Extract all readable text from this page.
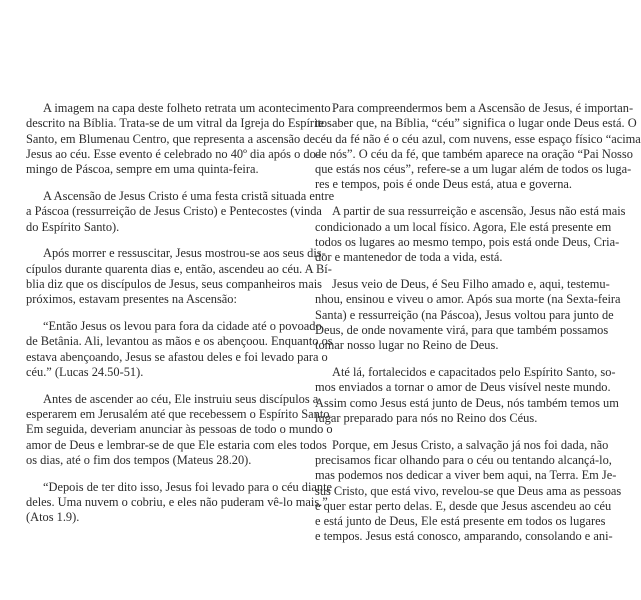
A imagem na capa deste folheto retrata um acontecimento
descrito na Bíblia. Trata-se de um vitral da Igreja do Espírito
Santo, em Blumenau Centro, que representa a ascensão de
Jesus ao céu. Esse evento é celebrado no 40º dia após o do-
mingo de Páscoa, sempre em uma quinta-feira.
A Ascensão de Jesus Cristo é uma festa cristã situada entre
a Páscoa (ressurreição de Jesus Cristo) e Pentecostes (vinda
do Espírito Santo).
Após morrer e ressuscitar, Jesus mostrou-se aos seus dis-
cípulos durante quarenta dias e, então, ascendeu ao céu. A Bí-
blia diz que os discípulos de Jesus, seus companheiros mais
próximos, estavam presentes na Ascensão:
“Então Jesus os levou para fora da cidade até o povoado
de Betânia. Ali, levantou as mãos e os abençoou. Enquanto os
estava abençoando, Jesus se afastou deles e foi levado para o
céu.” (Lucas 24.50-51).
Antes de ascender ao céu, Ele instruiu seus discípulos a
esperarem em Jerusalém até que recebessem o Espírito Santo.
Em seguida, deveriam anunciar às pessoas de todo o mundo o
amor de Deus e lembrar-se de que Ele estaria com eles todos
os dias, até o fim dos tempos (Mateus 28.20).
“Depois de ter dito isso, Jesus foi levado para o céu diante
deles. Uma nuvem o cobriu, e eles não puderam vê-lo mais.”
(Atos 1.9).
Para compreendermos bem a Ascensão de Jesus, é importan-
te saber que, na Bíblia, “céu” significa o lugar onde Deus está. O
céu da fé não é o céu azul, com nuvens, esse espaço físico “acima
de nós”. O céu da fé, que também aparece na oração “Pai Nosso
que estás nos céus”, refere-se a um lugar além de todos os luga-
res e tempos, pois é onde Deus está, atua e governa.
A partir de sua ressurreição e ascensão, Jesus não está mais
condicionado a um local físico. Agora, Ele está presente em
todos os lugares ao mesmo tempo, pois está onde Deus, Cria-
dor e mantenedor de toda a vida, está.
Jesus veio de Deus, é Seu Filho amado e, aqui, testemu-
nhou, ensinou e viveu o amor. Após sua morte (na Sexta-feira
Santa) e ressurreição (na Páscoa), Jesus voltou para junto de
Deus, de onde novamente virá, para que também possamos
tomar nosso lugar no Reino de Deus.
Até lá, fortalecidos e capacitados pelo Espírito Santo, so-
mos enviados a tornar o amor de Deus visível neste mundo.
Assim como Jesus está junto de Deus, nós também temos um
lugar preparado para nós no Reino dos Céus.
Porque, em Jesus Cristo, a salvação já nos foi dada, não
precisamos ficar olhando para o céu ou tentando alcançá-lo,
mas podemos nos dedicar a viver bem aqui, na Terra. Em Je-
sus Cristo, que está vivo, revelou-se que Deus ama as pessoas
e quer estar perto delas. E, desde que Jesus ascendeu ao céu
e está junto de Deus, Ele está presente em todos os lugares
e tempos. Jesus está conosco, amparando, consolando e ani-
